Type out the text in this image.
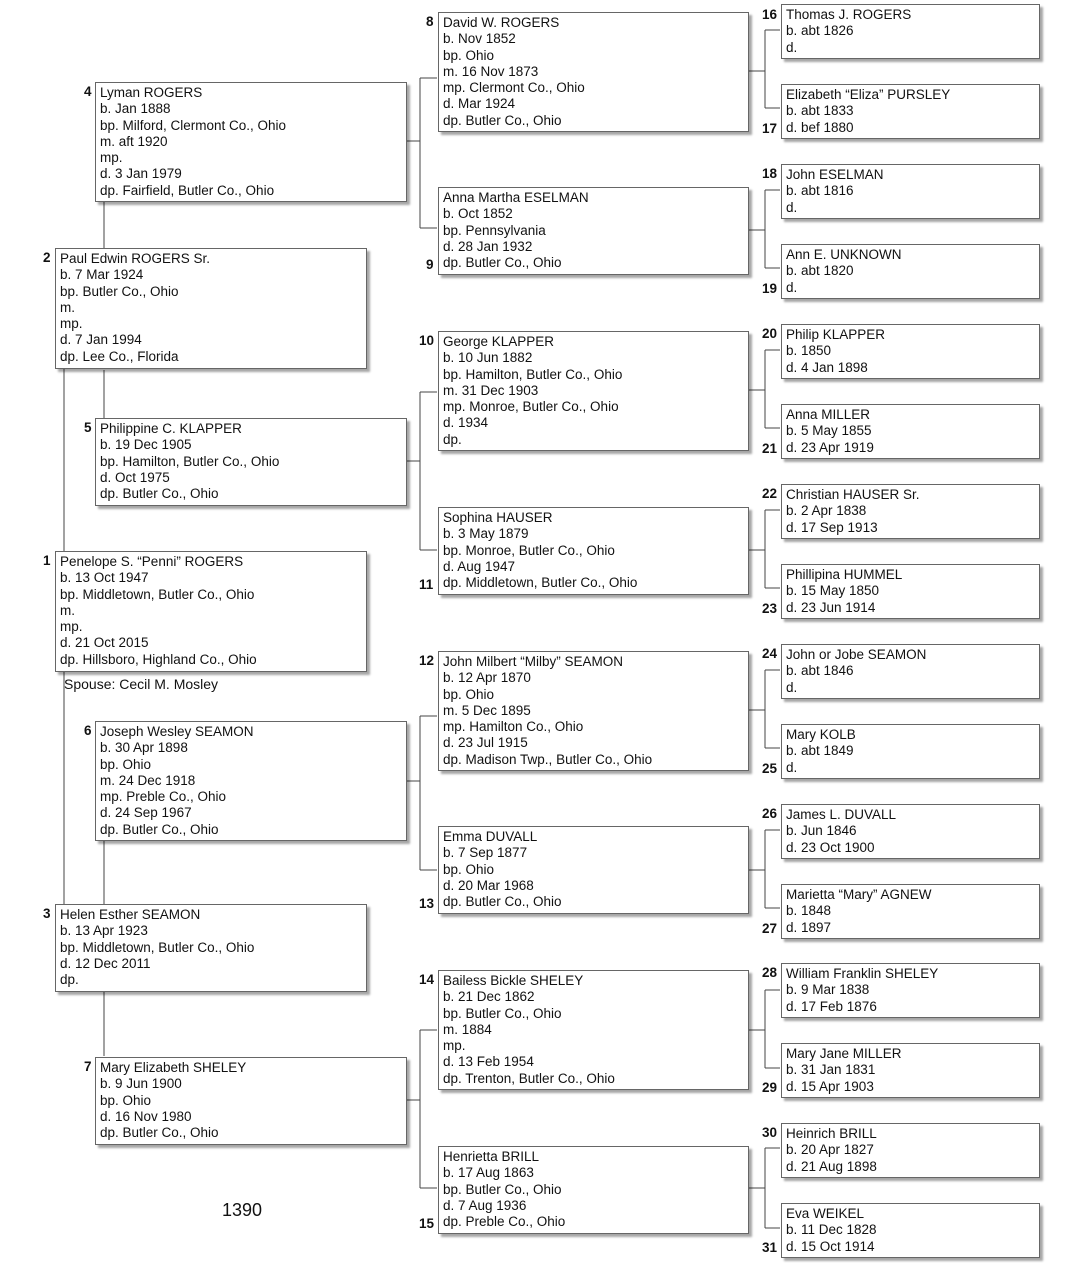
1 Penelope S. “Penni” ROGERS
b. 13 Oct 1947
bp. Middletown, Butler Co., Ohio
m.
mp.
d. 21 Oct 2015
dp. Hillsboro, Highland Co., Ohio
Spouse: Cecil M. Mosley
2 Paul Edwin ROGERS Sr.
b. 7 Mar 1924
bp. Butler Co., Ohio
m.
mp.
d. 7 Jan 1994
dp. Lee Co., Florida
3 Helen Esther SEAMON
b. 13 Apr 1923
bp. Middletown, Butler Co., Ohio
d. 12 Dec 2011
dp.
4 Lyman ROGERS
b. Jan 1888
bp. Milford, Clermont Co., Ohio
m. aft 1920
mp.
d. 3 Jan 1979
dp. Fairfield, Butler Co., Ohio
5 Philippine C. KLAPPER
b. 19 Dec 1905
bp. Hamilton, Butler Co., Ohio
d. Oct 1975
dp. Butler Co., Ohio
6 Joseph Wesley SEAMON
b. 30 Apr 1898
bp. Ohio
m. 24 Dec 1918
mp. Preble Co., Ohio
d. 24 Sep 1967
dp. Butler Co., Ohio
7 Mary Elizabeth SHELEY
b. 9 Jun 1900
bp. Ohio
d. 16 Nov 1980
dp. Butler Co., Ohio
8 David W. ROGERS
b. Nov 1852
bp. Ohio
m. 16 Nov 1873
mp. Clermont Co., Ohio
d. Mar 1924
dp. Butler Co., Ohio
9
Anna Martha ESELMAN
b. Oct 1852
bp. Pennsylvania
d. 28 Jan 1932
dp. Butler Co., Ohio
10 George KLAPPER
b. 10 Jun 1882
bp. Hamilton, Butler Co., Ohio
m. 31 Dec 1903
mp. Monroe, Butler Co., Ohio
d. 1934
dp.
11
Sophina HAUSER
b. 3 May 1879
bp. Monroe, Butler Co., Ohio
d. Aug 1947
dp. Middletown, Butler Co., Ohio
12 John Milbert “Milby” SEAMON
b. 12 Apr 1870
bp. Ohio
m. 5 Dec 1895
mp. Hamilton Co., Ohio
d. 23 Jul 1915
dp. Madison Twp., Butler Co., Ohio
13
Emma DUVALL
b. 7 Sep 1877
bp. Ohio
d. 20 Mar 1968
dp. Butler Co., Ohio
14 Bailess Bickle SHELEY
b. 21 Dec 1862
bp. Butler Co., Ohio
m. 1884
mp.
d. 13 Feb 1954
dp. Trenton, Butler Co., Ohio
15
Henrietta BRILL
b. 17 Aug 1863
bp. Butler Co., Ohio
d. 7 Aug 1936
dp. Preble Co., Ohio
16 Thomas J. ROGERS
b. abt 1826
d.
17
Elizabeth “Eliza” PURSLEY
b. abt 1833
d. bef 1880
18 John ESELMAN
b. abt 1816
d.
19
Ann E. UNKNOWN
b. abt 1820
d.
20 Philip KLAPPER
b. 1850
d. 4 Jan 1898
21
Anna MILLER
b. 5 May 1855
d. 23 Apr 1919
22 Christian HAUSER Sr.
b. 2 Apr 1838
d. 17 Sep 1913
23
Phillipina HUMMEL
b. 15 May 1850
d. 23 Jun 1914
24 John or Jobe SEAMON
b. abt 1846
d.
25
Mary KOLB
b. abt 1849
d.
26 James L. DUVALL
b. Jun 1846
d. 23 Oct 1900
27
Marietta “Mary” AGNEW
b. 1848
d. 1897
28 William Franklin SHELEY
b. 9 Mar 1838
d. 17 Feb 1876
29
Mary Jane MILLER
b. 31 Jan 1831
d. 15 Apr 1903
30 Heinrich BRILL
b. 20 Apr 1827
d. 21 Aug 1898
31
Eva WEIKEL
b. 11 Dec 1828
d. 15 Oct 1914
1390
